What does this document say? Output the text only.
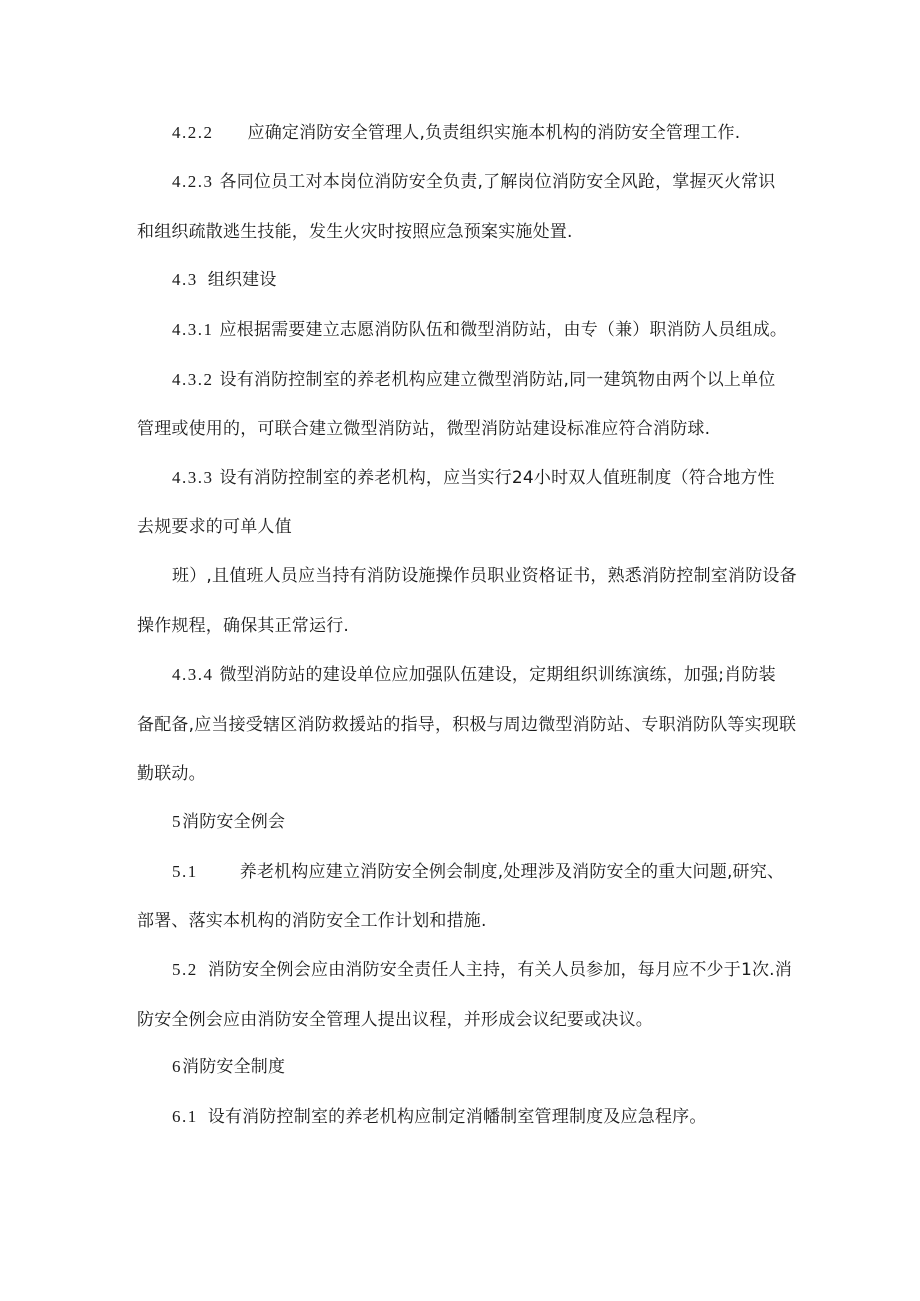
4.2.2 应确定消防安全管理人,负责组织实施本机构的消防安全管理工作.
4.2.3 各同位员工对本岗位消防安全负责,了解岗位消防安全风跄，掌握灭火常识
和组织疏散逃生技能，发生火灾时按照应急预案实施处置.
4.3 组织建设
4.3.1 应根据需要建立志愿消防队伍和微型消防站，由专（兼）职消防人员组成。
4.3.2 设有消防控制室的养老机构应建立微型消防站,同一建筑物由两个以上单位
管理或使用的，可联合建立微型消防站，微型消防站建设标准应符合消防球.
4.3.3 设有消防控制室的养老机构，应当实行24小时双人值班制度（符合地方性
去规要求的可单人值
班）,且值班人员应当持有消防设施操作员职业资格证书，熟悉消防控制室消防设备
操作规程，确保其正常运行.
4.3.4 微型消防站的建设单位应加强队伍建设，定期组织训练演练，加强;肖防装
备配备,应当接受辖区消防救援站的指导，积极与周边微型消防站、专职消防队等实现联
勤联动。
5消防安全例会
5.1 养老机构应建立消防安全例会制度,处理涉及消防安全的重大问题,研究、
部署、落实本机构的消防安全工作计划和措施.
5.2 消防安全例会应由消防安全责任人主持，有关人员参加，每月应不少于1次.消
防安全例会应由消防安全管理人提出议程，并形成会议纪要或决议。
6消防安全制度
6.1 设有消防控制室的养老机构应制定消幡制室管理制度及应急程序。
